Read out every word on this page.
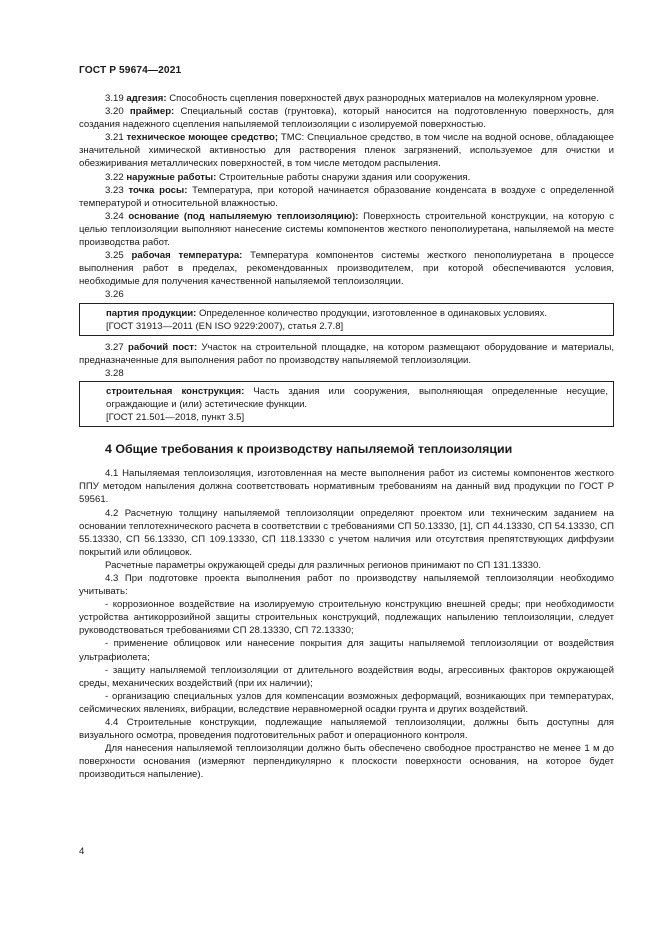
ГОСТ Р 59674—2021

3.19 адгезия: Способность сцепления поверхностей двух разнородных материалов на молекулярном уровне.

3.20 праймер: Специальный состав (грунтовка), который наносится на подготовленную поверхность, для создания надежного сцепления напыляемой теплоизоляции с изолируемой поверхностью.

3.21 техническое моющее средство; ТМС: Специальное средство, в том числе на водной основе, обладающее значительной химической активностью для растворения пленок загрязнений, используемое для очистки и обезжиривания металлических поверхностей, в том числе методом распыления.

3.22 наружные работы: Строительные работы снаружи здания или сооружения.

3.23 точка росы: Температура, при которой начинается образование конденсата в воздухе с определенной температурой и относительной влажностью.

3.24 основание (под напыляемую теплоизоляцию): Поверхность строительной конструкции, на которую с целью теплоизоляции выполняют нанесение системы компонентов жесткого пенополиуретана, напыляемой на месте производства работ.

3.25 рабочая температура: Температура компонентов системы жесткого пенополиуретана в процессе выполнения работ в пределах, рекомендованных производителем, при которой обеспечиваются условия, необходимые для получения качественной напыляемой теплоизоляции.

3.26

партия продукции: Определенное количество продукции, изготовленное в одинаковых условиях.

[ГОСТ 31913—2011 (EN ISO 9229:2007), статья 2.7.8]

3.27 рабочий пост: Участок на строительной площадке, на котором размещают оборудование и материалы, предназначенные для выполнения работ по производству напыляемой теплоизоляции.

3.28

строительная конструкция: Часть здания или сооружения, выполняющая определенные несущие, ограждающие и (или) эстетические функции.

[ГОСТ 21.501—2018, пункт 3.5]

4 Общие требования к производству напыляемой теплоизоляции

4.1 Напыляемая теплоизоляция, изготовленная на месте выполнения работ из системы компонентов жесткого ППУ методом напыления должна соответствовать нормативным требованиям на данный вид продукции по ГОСТ Р 59561.

4.2 Расчетную толщину напыляемой теплоизоляции определяют проектом или техническим заданием на основании теплотехнического расчета в соответствии с требованиями СП 50.13330, [1], СП 44.13330, СП 54.13330, СП 55.13330, СП 56.13330, СП 109.13330, СП 118.13330 с учетом наличия или отсутствия препятствующих диффузии покрытий или облицовок.

Расчетные параметры окружающей среды для различных регионов принимают по СП 131.13330.

4.3 При подготовке проекта выполнения работ по производству напыляемой теплоизоляции необходимо учитывать:

- коррозионное воздействие на изолируемую строительную конструкцию внешней среды; при необходимости устройства антикоррозийной защиты строительных конструкций, подлежащих напылению теплоизоляции, следует руководствоваться требованиями СП 28.13330, СП 72.13330;

- применение облицовок или нанесение покрытия для защиты напыляемой теплоизоляции от воздействия ультрафиолета;

- защиту напыляемой теплоизоляции от длительного воздействия воды, агрессивных факторов окружающей среды, механических воздействий (при их наличии);

- организацию специальных узлов для компенсации возможных деформаций, возникающих при температурах, сейсмических явлениях, вибрации, вследствие неравномерной осадки грунта и других воздействий.

4.4 Строительные конструкции, подлежащие напыляемой теплоизоляции, должны быть доступны для визуального осмотра, проведения подготовительных работ и операционного контроля.

Для нанесения напыляемой теплоизоляции должно быть обеспечено свободное пространство не менее 1 м до поверхности основания (измеряют перпендикулярно к плоскости поверхности основания, на которое будет производиться напыление).

4
